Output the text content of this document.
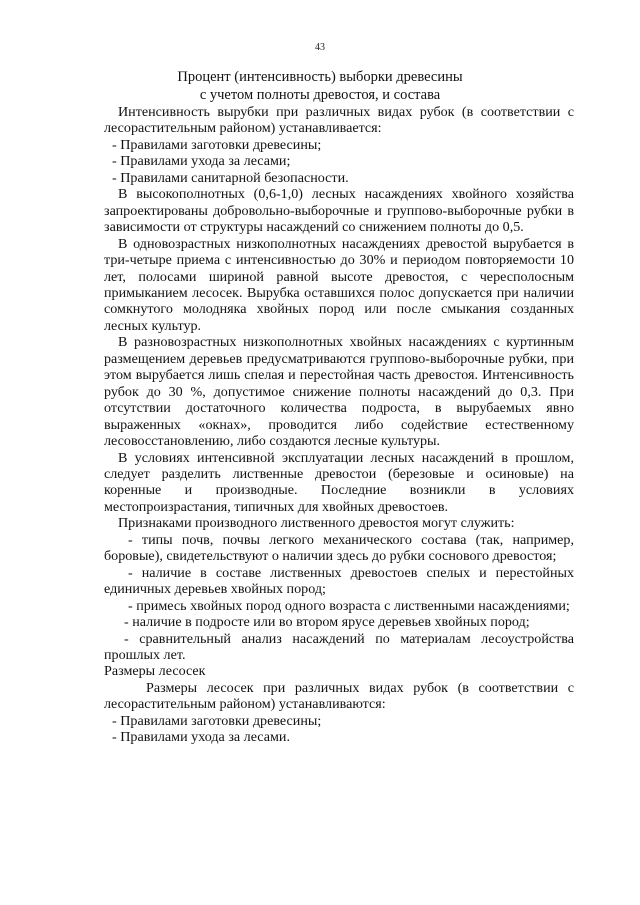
43
Процент (интенсивность) выборки древесины
с учетом полноты древостоя, и состава

Интенсивность вырубки при различных видах рубок (в соответствии с лесорастительным районом) устанавливается:

- Правилами заготовки древесины;

- Правилами ухода за лесами;

- Правилами санитарной безопасности.

В высокополнотных (0,6-1,0) лесных насаждениях хвойного хозяйства запроектированы добровольно-выборочные и группово-выборочные рубки в зависимости от структуры насаждений со снижением полноты до 0,5.

В одновозрастных низкополнотных насаждениях древостой вырубается в три-четыре приема с интенсивностью до 30% и периодом повторяемости 10 лет, полосами шириной равной высоте древостоя, с чересполосным примыканием лесосек. Вырубка оставшихся полос допускается при наличии сомкнутого молодняка хвойных пород или после смыкания созданных лесных культур.

В разновозрастных низкополнотных хвойных насаждениях с куртинным размещением деревьев предусматриваются группово-выборочные рубки, при этом вырубается лишь спелая и перестойная часть древостоя. Интенсивность рубок до 30 %, допустимое снижение полноты насаждений до 0,3. При отсутствии достаточного количества подроста, в вырубаемых явно выраженных «окнах», проводится либо содействие естественному лесовосстановлению, либо создаются лесные культуры.

В условиях интенсивной эксплуатации лесных насаждений в прошлом, следует разделить лиственные древостои (березовые и осиновые) на коренные и производные. Последние возникли в условиях местопроизрастания, типичных для хвойных древостоев.

Признаками производного лиственного древостоя могут служить:

- типы почв, почвы легкого механического состава (так, например, боровые), свидетельствуют о наличии здесь до рубки соснового древостоя;

- наличие в составе лиственных древостоев спелых и перестойных единичных деревьев хвойных пород;

- примесь хвойных пород одного возраста с лиственными насаждениями;

- наличие в подросте или во втором ярусе деревьев хвойных пород;

- сравнительный анализ насаждений по материалам лесоустройства прошлых лет.

Размеры лесосек

Размеры лесосек при различных видах рубок (в соответствии с лесорастительным районом) устанавливаются:

- Правилами заготовки древесины;

- Правилами ухода за лесами.
